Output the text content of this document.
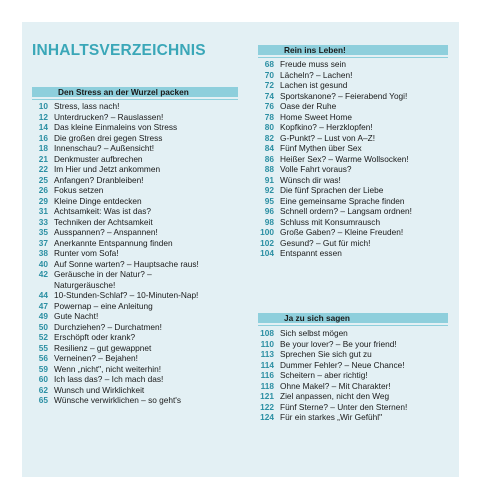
INHALTSVERZEICHNIS
Den Stress an der Wurzel packen
10 Stress, lass nach!
12 Unterdrucken? – Rauslassen!
14 Das kleine Einmaleins von Stress
16 Die großen drei gegen Stress
18 Innenschau? – Außensicht!
21 Denkmuster aufbrechen
22 Im Hier und Jetzt ankommen
25 Anfangen? Dranbleiben!
26 Fokus setzen
29 Kleine Dinge entdecken
31 Achtsamkeit: Was ist das?
33 Techniken der Achtsamkeit
35 Ausspannen? – Anspannen!
37 Anerkannte Entspannung finden
38 Runter vom Sofa!
40 Auf Sonne warten? – Hauptsache raus!
42 Geräusche in der Natur? –
Naturgeräusche!
44 10-Stunden-Schlaf? – 10-Minuten-Nap!
47 Powernap – eine Anleitung
49 Gute Nacht!
50 Durchziehen? – Durchatmen!
52 Erschöpft oder krank?
55 Resilienz – gut gewappnet
56 Verneinen? – Bejahen!
59 Wenn „nicht", nicht weiterhin!
60 Ich lass das? – Ich mach das!
62 Wunsch und Wirklichkeit
65 Wünsche verwirklichen – so geht's
Rein ins Leben!
68 Freude muss sein
70 Lächeln? – Lachen!
72 Lachen ist gesund
74 Sportskanone? – Feierabend Yogi!
76 Oase der Ruhe
78 Home Sweet Home
80 Kopfkino? – Herzklopfen!
82 G-Punkt? – Lust von A–Z!
84 Fünf Mythen über Sex
86 Heißer Sex? – Warme Wollsocken!
88 Volle Fahrt voraus?
91 Wünsch dir was!
92 Die fünf Sprachen der Liebe
95 Eine gemeinsame Sprache finden
96 Schnell ordern? – Langsam ordnen!
98 Schluss mit Konsumrausch
100 Große Gaben? – Kleine Freuden!
102 Gesund? – Gut für mich!
104 Entspannt essen
Ja zu sich sagen
108 Sich selbst mögen
110 Be your lover? – Be your friend!
113 Sprechen Sie sich gut zu
114 Dummer Fehler? – Neue Chance!
116 Scheitern – aber richtig!
118 Ohne Makel? – Mit Charakter!
121 Ziel anpassen, nicht den Weg
122 Fünf Sterne? – Unter den Sternen!
124 Für ein starkes „Wir Gefühl"
